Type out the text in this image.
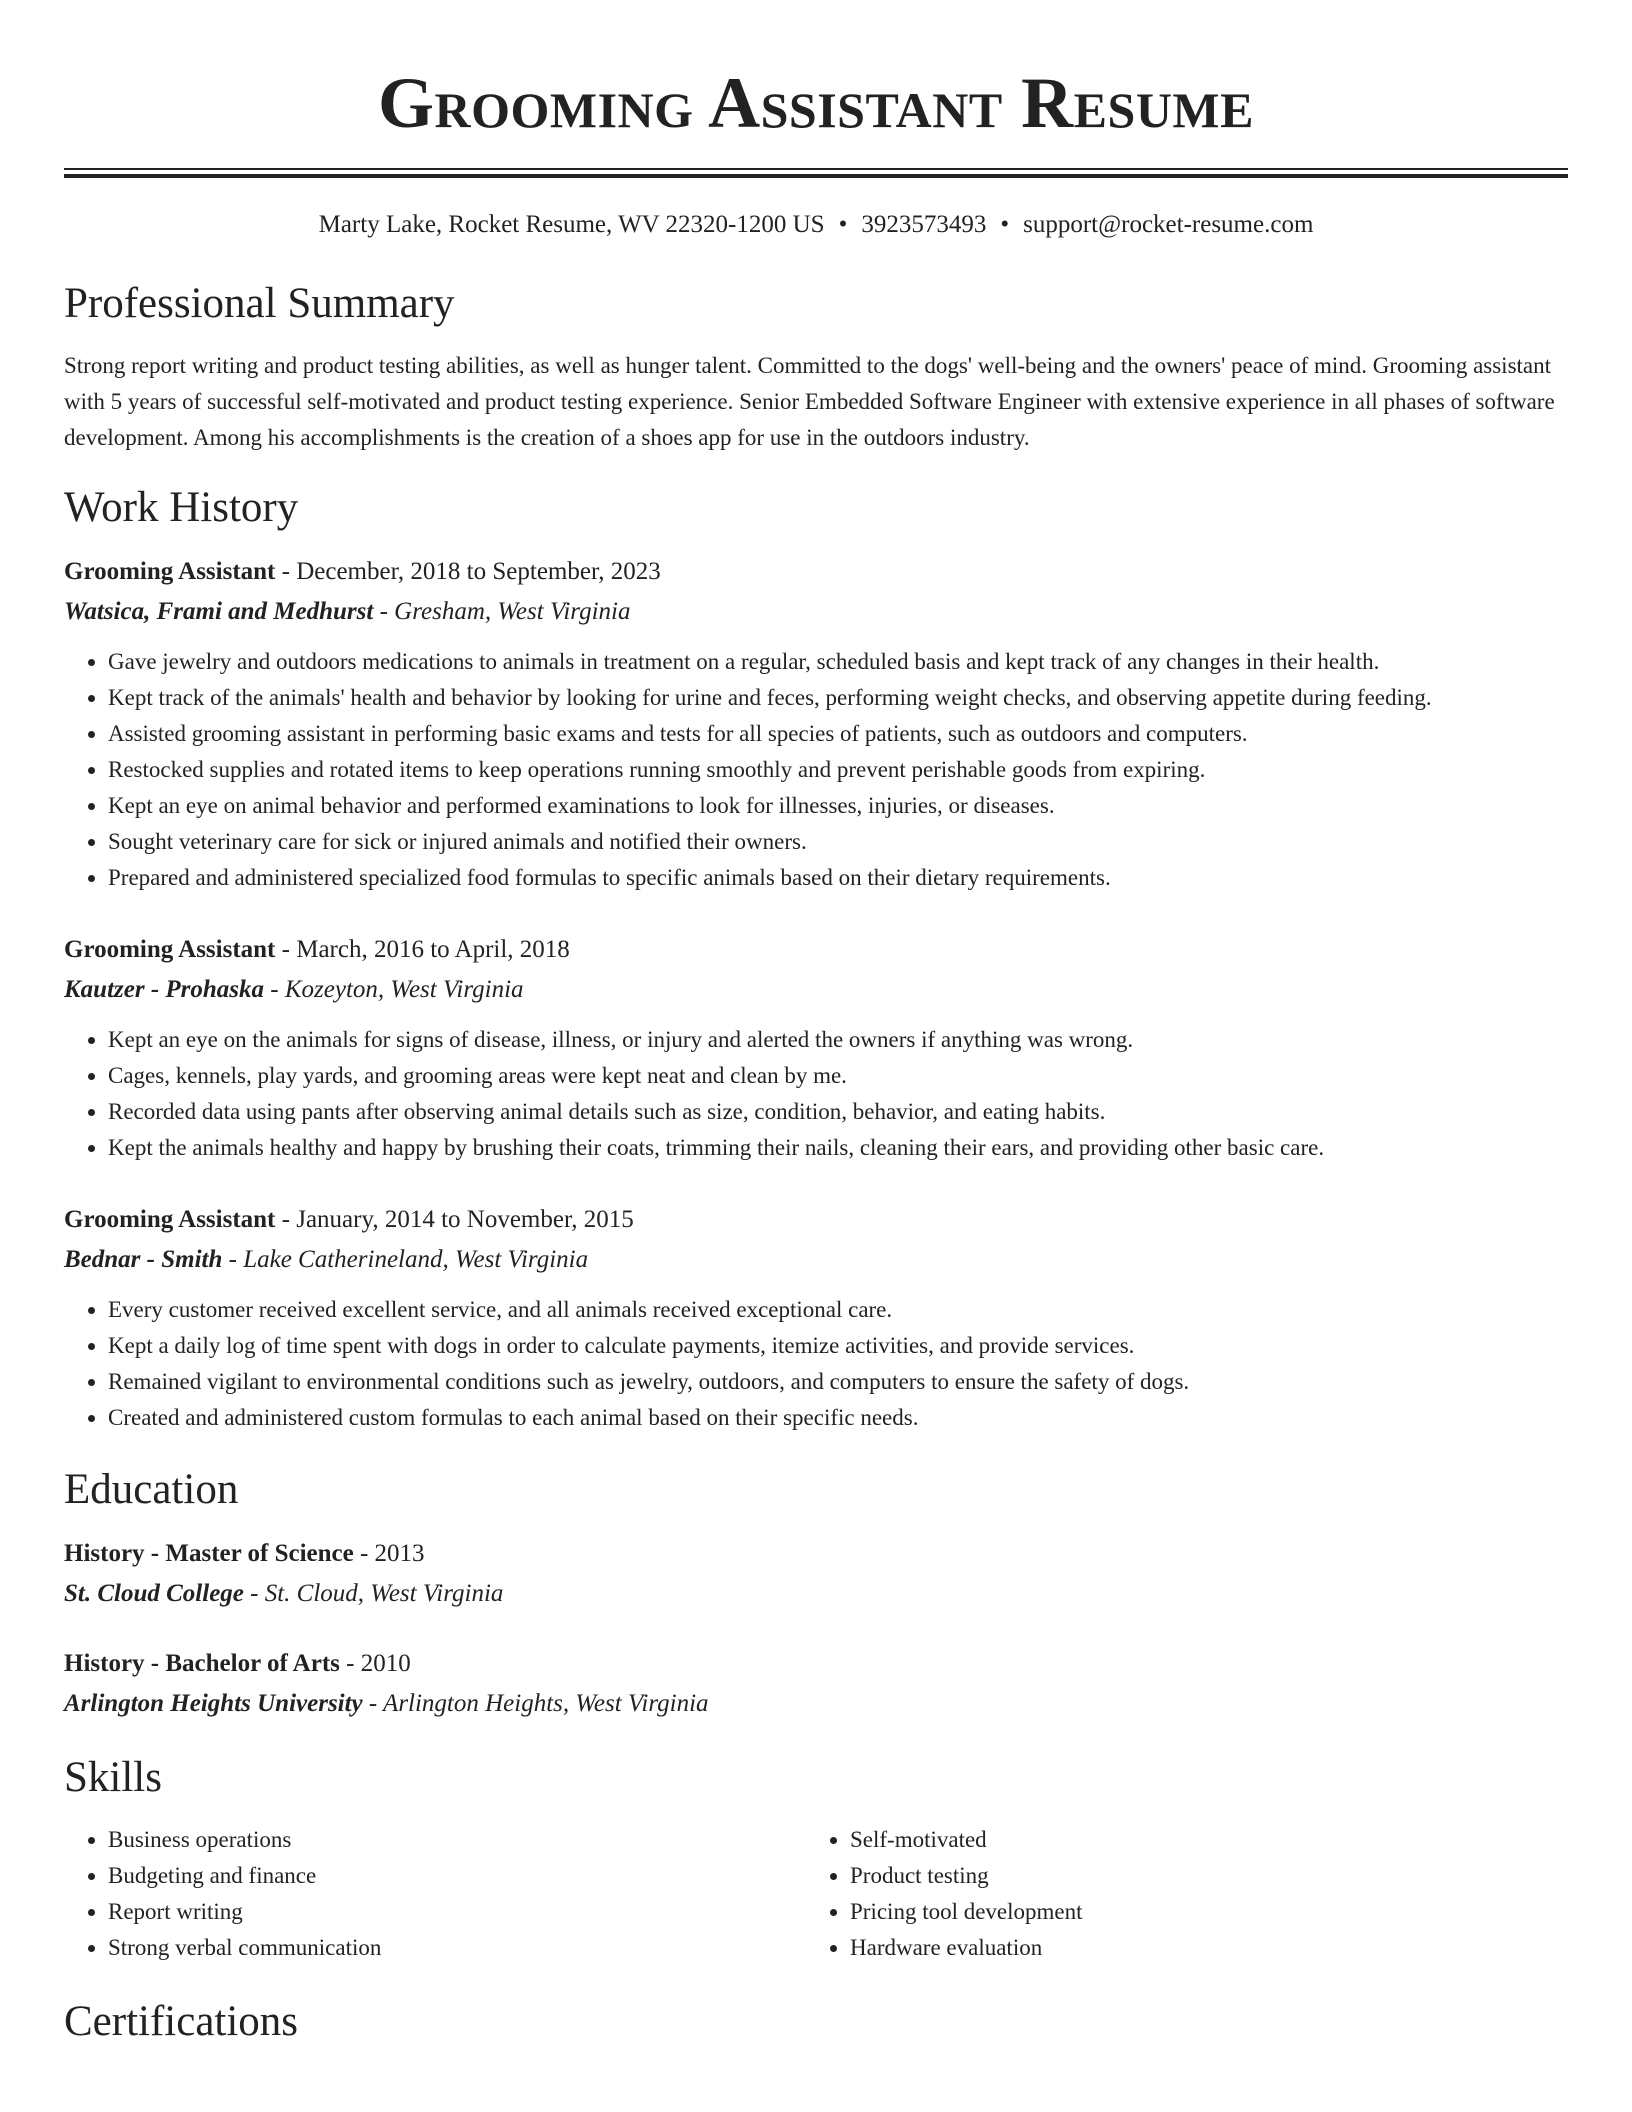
Grooming Assistant Resume
Marty Lake, Rocket Resume, WV 22320-1200 US • 3923573493 • support@rocket-resume.com
Professional Summary

Strong report writing and product testing abilities, as well as hunger talent. Committed to the dogs' well-being and the owners' peace of mind. Grooming assistant with 5 years of successful self-motivated and product testing experience. Senior Embedded Software Engineer with extensive experience in all phases of software development. Among his accomplishments is the creation of a shoes app for use in the outdoors industry.

Work History
Grooming Assistant - December, 2018 to September, 2023
Watsica, Frami and Medhurst - Gresham, West Virginia
• Gave jewelry and outdoors medications to animals in treatment on a regular, scheduled basis and kept track of any changes in their health.
• Kept track of the animals' health and behavior by looking for urine and feces, performing weight checks, and observing appetite during feeding.
• Assisted grooming assistant in performing basic exams and tests for all species of patients, such as outdoors and computers.
• Restocked supplies and rotated items to keep operations running smoothly and prevent perishable goods from expiring.
• Kept an eye on animal behavior and performed examinations to look for illnesses, injuries, or diseases.
• Sought veterinary care for sick or injured animals and notified their owners.
• Prepared and administered specialized food formulas to specific animals based on their dietary requirements.
Grooming Assistant - March, 2016 to April, 2018
Kautzer - Prohaska - Kozeyton, West Virginia
• Kept an eye on the animals for signs of disease, illness, or injury and alerted the owners if anything was wrong.
• Cages, kennels, play yards, and grooming areas were kept neat and clean by me.
• Recorded data using pants after observing animal details such as size, condition, behavior, and eating habits.
• Kept the animals healthy and happy by brushing their coats, trimming their nails, cleaning their ears, and providing other basic care.
Grooming Assistant - January, 2014 to November, 2015
Bednar - Smith - Lake Catherineland, West Virginia
• Every customer received excellent service, and all animals received exceptional care.
• Kept a daily log of time spent with dogs in order to calculate payments, itemize activities, and provide services.
• Remained vigilant to environmental conditions such as jewelry, outdoors, and computers to ensure the safety of dogs.
• Created and administered custom formulas to each animal based on their specific needs.
Education
History - Master of Science - 2013
St. Cloud College - St. Cloud, West Virginia
History - Bachelor of Arts - 2010
Arlington Heights University - Arlington Heights, West Virginia
Skills
• Business operations
• Budgeting and finance
• Report writing
• Strong verbal communication
• Self-motivated
• Product testing
• Pricing tool development
• Hardware evaluation
Certifications
